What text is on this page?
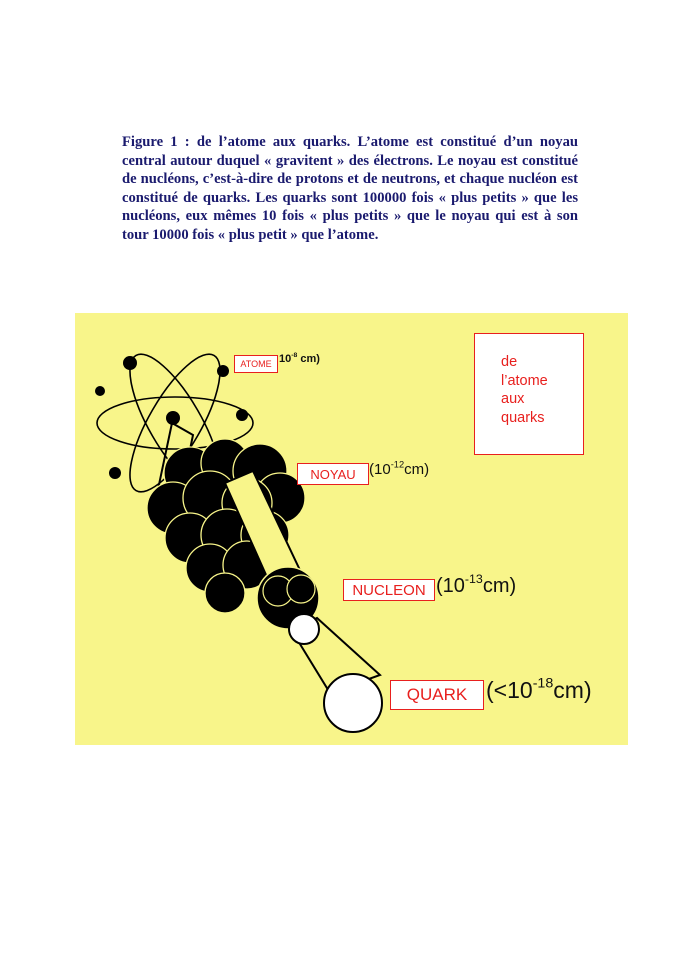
Figure 1 : de l’atome aux quarks. L’atome est constitué d’un noyau central autour duquel « gravitent » des électrons. Le noyau est constitué de nucléons, c’est-à-dire de protons et de neutrons, et chaque nucléon est constitué de quarks. Les quarks sont 100000 fois « plus petits » que les nucléons, eux mêmes 10 fois « plus petits » que le noyau qui est à son tour 10000 fois « plus petit » que l’atome.

ATOME $10^{-8}$ cm)
NOYAU $(10^{-12}cm)$
NUCLEON $(10^{-13}cm)$
QUARK $(<10^{-18}cm)$
de
l’atome
aux
quarks
